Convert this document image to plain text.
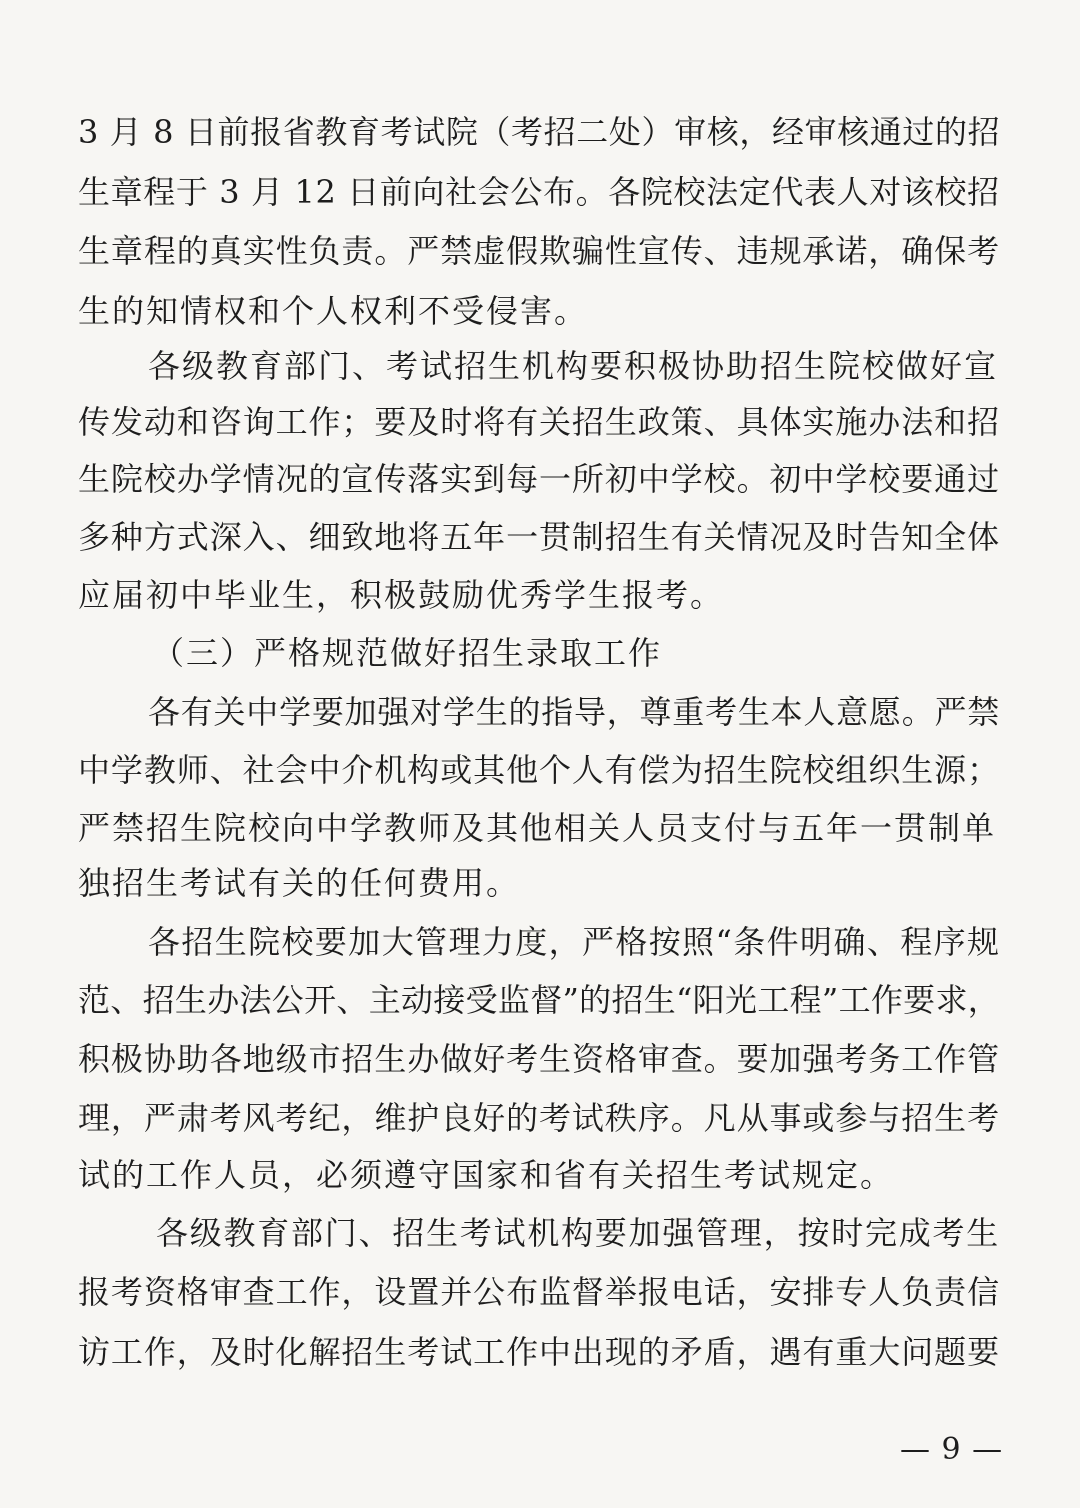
3 月 8 日前报省教育考试院（考招二处）审核，经审核通过的招
生章程于 3 月 12 日前向社会公布。各院校法定代表人对该校招
生章程的真实性负责。严禁虚假欺骗性宣传、违规承诺，确保考
生的知情权和个人权利不受侵害。
各级教育部门、考试招生机构要积极协助招生院校做好宣
传发动和咨询工作；要及时将有关招生政策、具体实施办法和招
生院校办学情况的宣传落实到每一所初中学校。初中学校要通过
多种方式深入、细致地将五年一贯制招生有关情况及时告知全体
应届初中毕业生，积极鼓励优秀学生报考。
（三）严格规范做好招生录取工作
各有关中学要加强对学生的指导，尊重考生本人意愿。严禁
中学教师、社会中介机构或其他个人有偿为招生院校组织生源；
严禁招生院校向中学教师及其他相关人员支付与五年一贯制单
独招生考试有关的任何费用。
各招生院校要加大管理力度，严格按照“条件明确、程序规
范、招生办法公开、主动接受监督”的招生“阳光工程”工作要求，
积极协助各地级市招生办做好考生资格审查。要加强考务工作管
理，严肃考风考纪，维护良好的考试秩序。凡从事或参与招生考
试的工作人员，必须遵守国家和省有关招生考试规定。
各级教育部门、招生考试机构要加强管理，按时完成考生
报考资格审查工作，设置并公布监督举报电话，安排专人负责信
访工作，及时化解招生考试工作中出现的矛盾，遇有重大问题要
— 9 —
